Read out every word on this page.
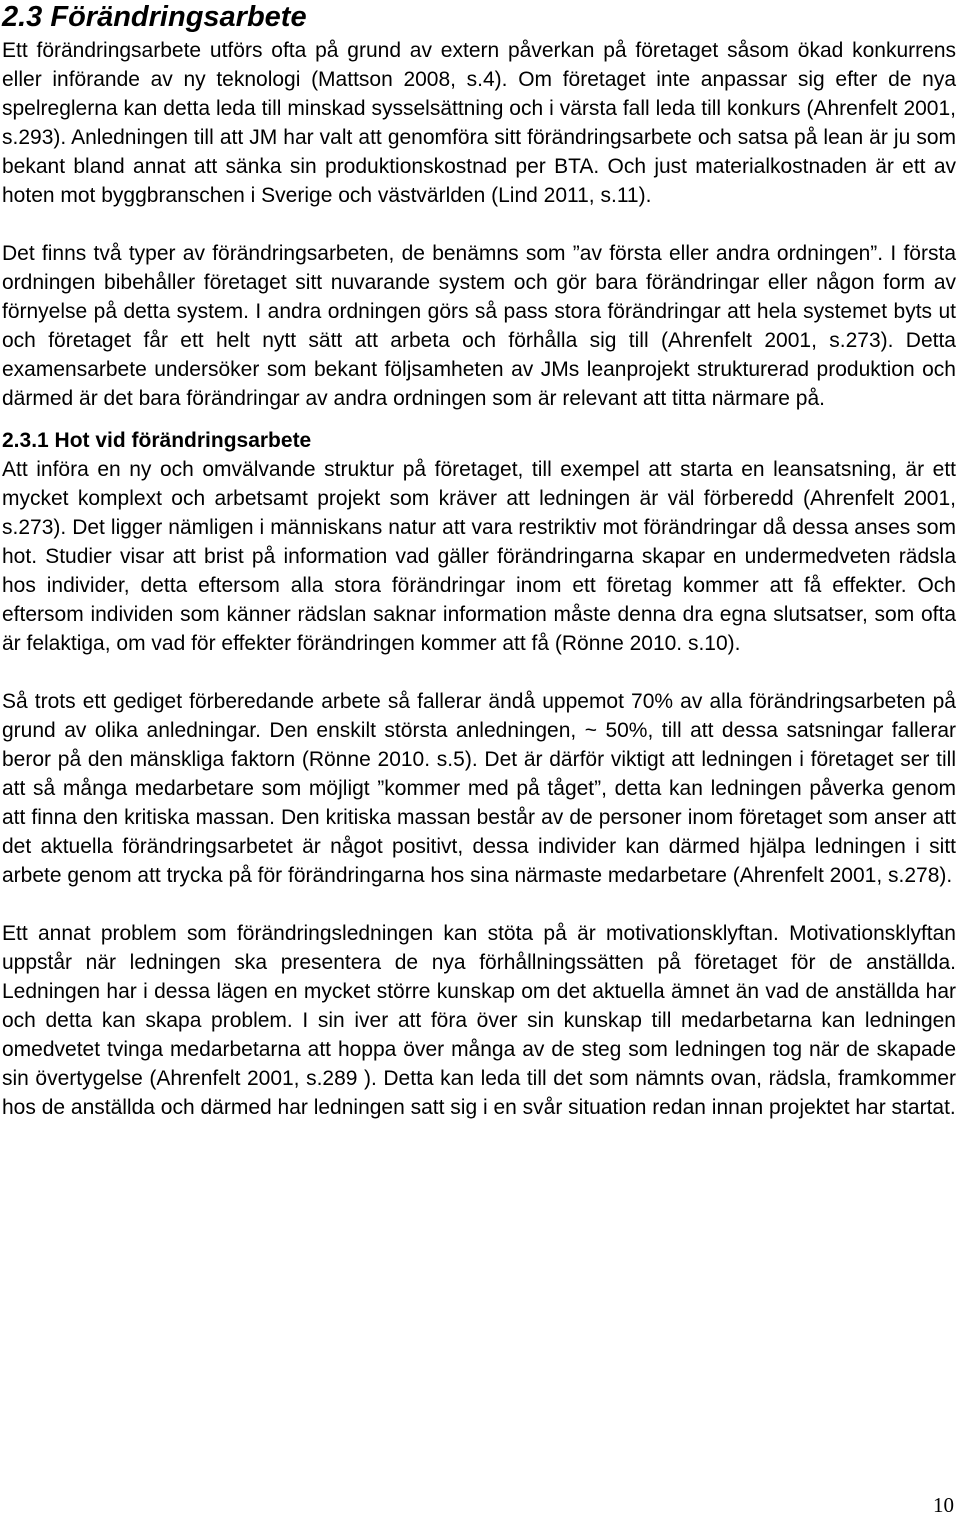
2.3 Förändringsarbete

Ett förändringsarbete utförs ofta på grund av extern påverkan på företaget såsom ökad konkurrens eller införande av ny teknologi (Mattson 2008, s.4). Om företaget inte anpassar sig efter de nya spelreglerna kan detta leda till minskad sysselsättning och i värsta fall leda till konkurs (Ahrenfelt 2001, s.293). Anledningen till att JM har valt att genomföra sitt förändringsarbete och satsa på lean är ju som bekant bland annat att sänka sin produktionskostnad per BTA. Och just materialkostnaden är ett av hoten mot byggbranschen i Sverige och västvärlden (Lind 2011, s.11).

Det finns två typer av förändringsarbeten, de benämns som ”av första eller andra ordningen”. I första ordningen bibehåller företaget sitt nuvarande system och gör bara förändringar eller någon form av förnyelse på detta system. I andra ordningen görs så pass stora förändringar att hela systemet byts ut och företaget får ett helt nytt sätt att arbeta och förhålla sig till (Ahrenfelt 2001, s.273). Detta examensarbete undersöker som bekant följsamheten av JMs leanprojekt strukturerad produktion och därmed är det bara förändringar av andra ordningen som är relevant att titta närmare på.

2.3.1 Hot vid förändringsarbete

Att införa en ny och omvälvande struktur på företaget, till exempel att starta en leansatsning, är ett mycket komplext och arbetsamt projekt som kräver att ledningen är väl förberedd (Ahrenfelt 2001, s.273). Det ligger nämligen i människans natur att vara restriktiv mot förändringar då dessa anses som hot. Studier visar att brist på information vad gäller förändringarna skapar en undermedveten rädsla hos individer, detta eftersom alla stora förändringar inom ett företag kommer att få effekter. Och eftersom individen som känner rädslan saknar information måste denna dra egna slutsatser, som ofta är felaktiga, om vad för effekter förändringen kommer att få (Rönne 2010. s.10).

Så trots ett gediget förberedande arbete så fallerar ändå uppemot 70% av alla förändringsarbeten på grund av olika anledningar. Den enskilt största anledningen, ~ 50%, till att dessa satsningar fallerar beror på den mänskliga faktorn (Rönne 2010. s.5). Det är därför viktigt att ledningen i företaget ser till att så många medarbetare som möjligt ”kommer med på tåget”, detta kan ledningen påverka genom att finna den kritiska massan. Den kritiska massan består av de personer inom företaget som anser att det aktuella förändringsarbetet är något positivt, dessa individer kan därmed hjälpa ledningen i sitt arbete genom att trycka på för förändringarna hos sina närmaste medarbetare (Ahrenfelt 2001, s.278).

Ett annat problem som förändringsledningen kan stöta på är motivationsklyftan. Motivationsklyftan uppstår när ledningen ska presentera de nya förhållningssätten på företaget för de anställda. Ledningen har i dessa lägen en mycket större kunskap om det aktuella ämnet än vad de anställda har och detta kan skapa problem. I sin iver att föra över sin kunskap till medarbetarna kan ledningen omedvetet tvinga medarbetarna att hoppa över många av de steg som ledningen tog när de skapade sin övertygelse (Ahrenfelt 2001, s.289 ). Detta kan leda till det som nämnts ovan, rädsla, framkommer hos de anställda och därmed har ledningen satt sig i en svår situation redan innan projektet har startat.

10
